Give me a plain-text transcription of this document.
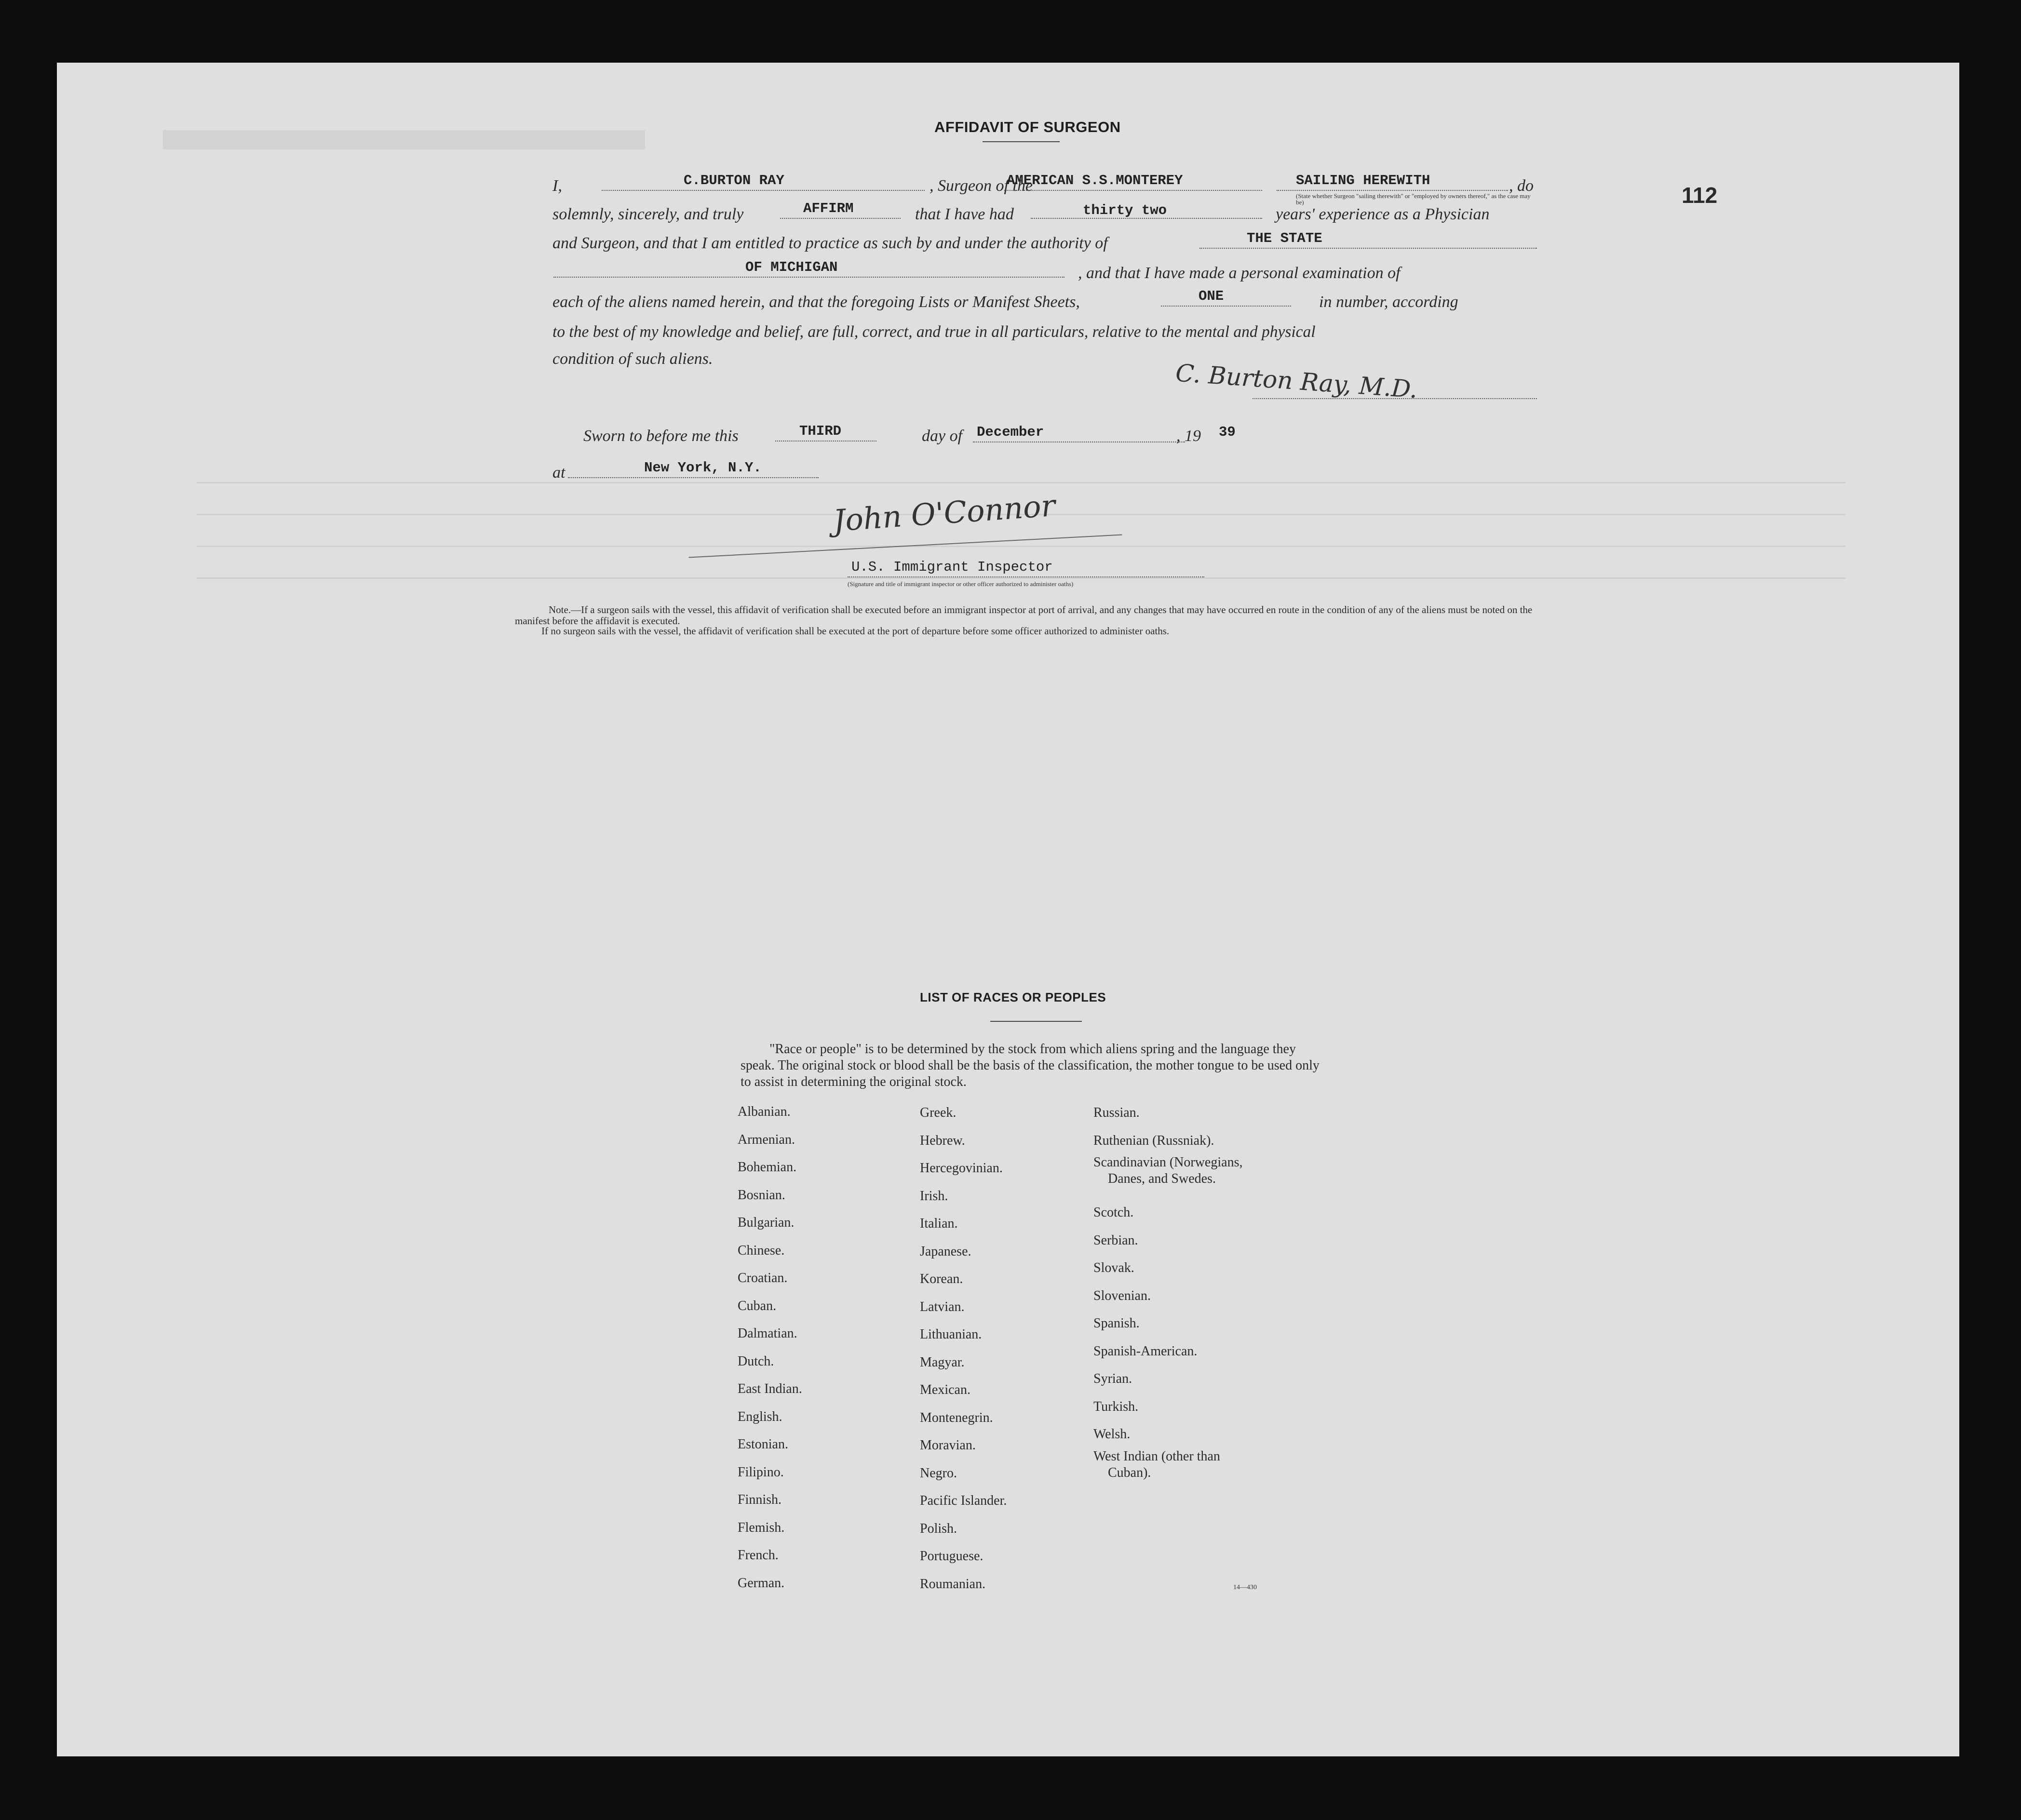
112
AFFIDAVIT OF SURGEON
I,	C.BURTON RAY	, Surgeon of the
AMERICAN S.S.MONTEREY	SAILING HEREWITH	, do
(State whether Surgeon "sailing therewith" or "employed by owners thereof," as the case may be)
solemnly, sincerely, and truly	AFFIRM	that I have had	thirty two	years' experience as a Physician
and Surgeon, and that I am entitled to practice as such by and under the authority of	THE STATE
OF MICHIGAN	, and that I have made a personal examination of
each of the aliens named herein, and that the foregoing Lists or Manifest Sheets,	ONE	in number, according
to the best of my knowledge and belief, are full, correct, and true in all particulars, relative to the mental and physical
condition of such aliens.
C. Burton Ray, M.D.
Sworn to before me this	THIRD	day of December	, 19 39
at	New York, N.Y.
John O'Connor
U.S. Immigrant Inspector
(Signature and title of immigrant inspector or other officer authorized to administer oaths)
Note.—If a surgeon sails with the vessel, this affidavit of verification shall be executed before an immigrant inspector at port of arrival, and any changes that may have occurred en route in the condition of any of the aliens must be noted on the manifest before the affidavit is executed.
If no surgeon sails with the vessel, the affidavit of verification shall be executed at the port of departure before some officer authorized to administer oaths.
LIST OF RACES OR PEOPLES
"Race or people" is to be determined by the stock from which aliens spring and the language they speak. The original stock or blood shall be the basis of the classification, the mother tongue to be used only to assist in determining the original stock.
Albanian.
Armenian.
Bohemian.
Bosnian.
Bulgarian.
Chinese.
Croatian.
Cuban.
Dalmatian.
Dutch.
East Indian.
English.
Estonian.
Filipino.
Finnish.
Flemish.
French.
German.
Greek.
Hebrew.
Hercegovinian.
Irish.
Italian.
Japanese.
Korean.
Latvian.
Lithuanian.
Magyar.
Mexican.
Montenegrin.
Moravian.
Negro.
Pacific Islander.
Polish.
Portuguese.
Roumanian.
Russian.
Ruthenian (Russniak).
Scandinavian (Norwegians,
Danes, and Swedes.
Scotch.
Serbian.
Slovak.
Slovenian.
Spanish.
Spanish-American.
Syrian.
Turkish.
Welsh.
West Indian (other than
Cuban).
14—430
